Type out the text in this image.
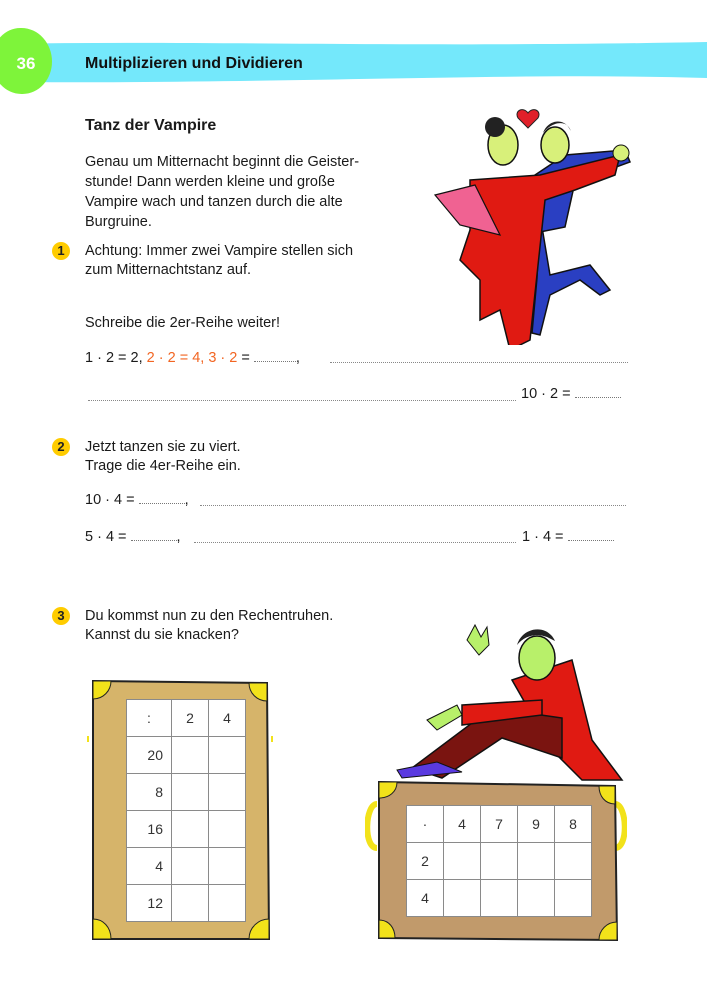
36	Multiplizieren und Dividieren
Tanz der Vampire
Genau um Mitternacht beginnt die Geister-stunde! Dann werden kleine und große Vampire wach und tanzen durch die alte Burgruine.
1	Achtung: Immer zwei Vampire stellen sich
zum Mitternachtstanz auf.
Schreibe die 2er-Reihe weiter!
1 · 2 = 2, 2 · 2 = 4, 3 · 2 =	,
10 · 2 =
2	Jetzt tanzen sie zu viert.
Trage die 4er-Reihe ein.
10 · 4 =	,
5 · 4 =	,	1 · 4 =
3	Du kommst nun zu den Rechentruhen.
Kannst du sie knacken?
:	2	4
20		
8		
16		
4		
12		
·	4	7	9	8
2				
4				
